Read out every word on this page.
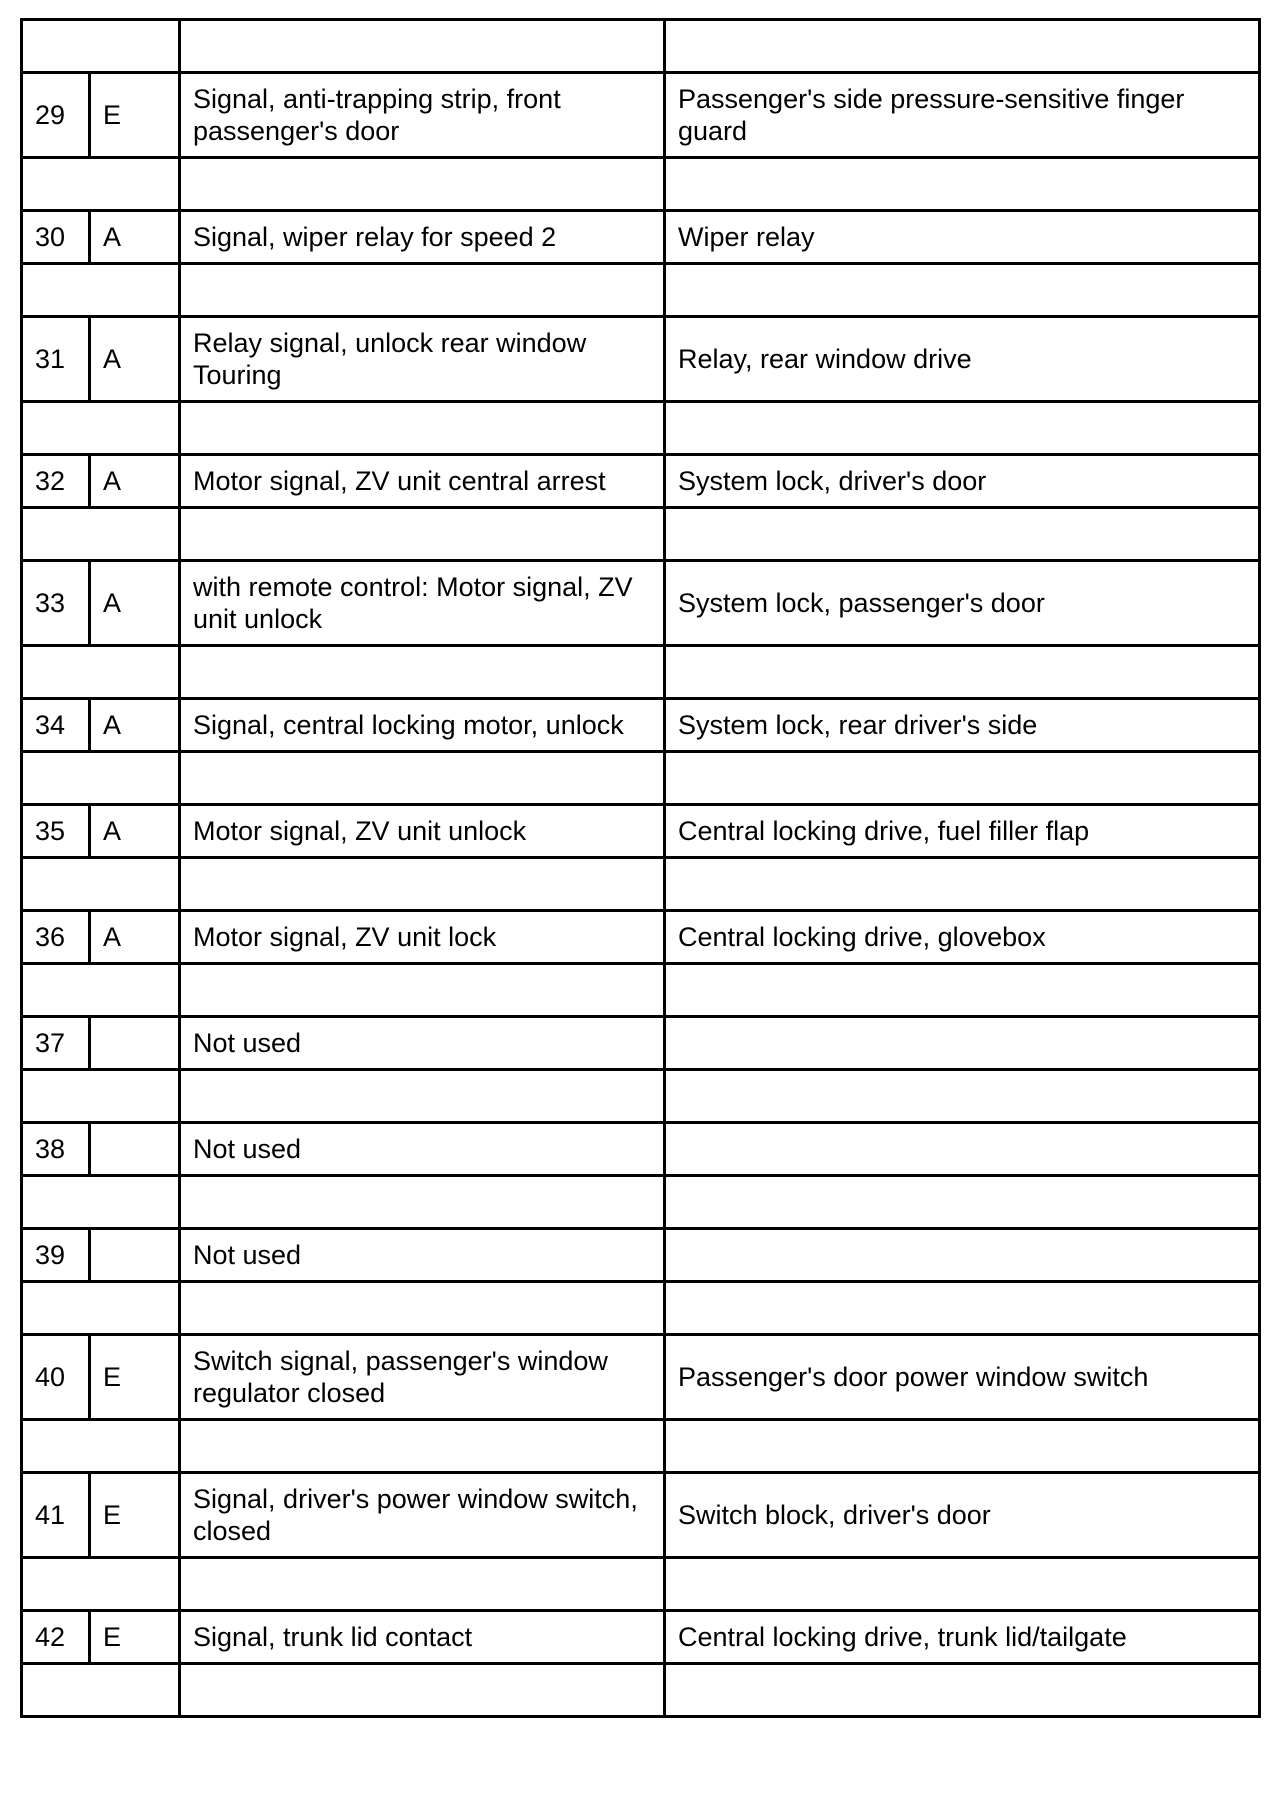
29	E	Signal, anti-trapping strip, front passenger's door	Passenger's side pressure-sensitive finger guard

30	A	Signal, wiper relay for speed 2	Wiper relay

31	A	Relay signal, unlock rear window Touring	Relay, rear window drive

32	A	Motor signal, ZV unit central arrest	System lock, driver's door

33	A	with remote control: Motor signal, ZV unit unlock	System lock, passenger's door

34	A	Signal, central locking motor, unlock	System lock, rear driver's side

35	A	Motor signal, ZV unit unlock	Central locking drive, fuel filler flap

36	A	Motor signal, ZV unit lock	Central locking drive, glovebox

37		Not used	

38		Not used	

39		Not used	

40	E	Switch signal, passenger's window regulator closed	Passenger's door power window switch

41	E	Signal, driver's power window switch, closed	Switch block, driver's door

42	E	Signal, trunk lid contact	Central locking drive, trunk lid/tailgate
